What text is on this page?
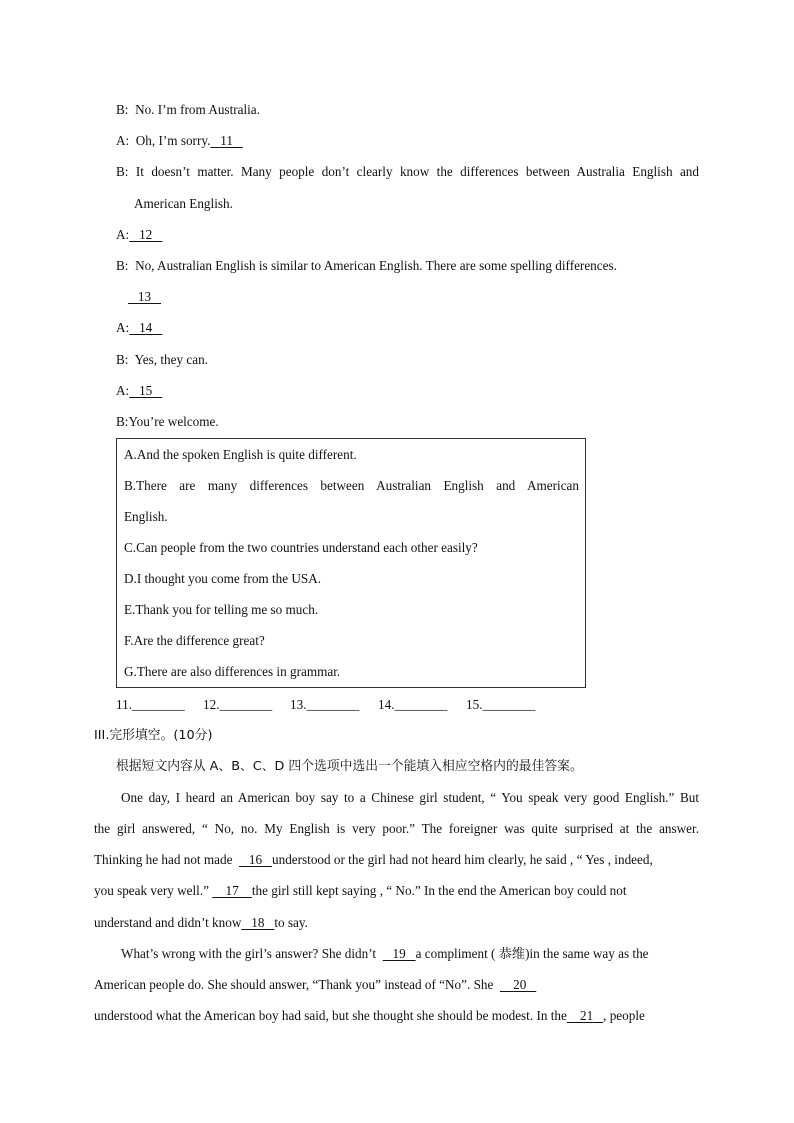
B: No. I’m from Australia.
A: Oh, I’m sorry. 11
B: It doesn’t matter. Many people don’t clearly know the differences between Australia English and
American English.
A: 12
B: No, Australian English is similar to American English. There are some spelling differences.
13
A: 14
B: Yes, they can.
A: 15
B:You’re welcome.
A.And the spoken English is quite different.
B.There are many differences between Australian English and American
English.
C.Can people from the two countries understand each other easily?
D.I thought you come from the USA.
E.Thank you for telling me so much.
F.Are the difference great?
G.There are also differences in grammar.
11.________	12.________	13.________	14.________	15.________
III.完形填空。(10分)
根据短文内容从 A、B、C、D 四个选项中选出一个能填入相应空格内的最佳答案。
One day, I heard an American boy say to a Chinese girl student, “ You speak very good English.” But
the girl answered, “ No, no. My English is very poor.” The foreigner was quite surprised at the answer.
Thinking he had not made 16 understood or the girl had not heard him clearly, he said , “ Yes , indeed,
you speak very well.” 17 the girl still kept saying , “ No.” In the end the American boy could not
understand and didn’t know 18 to say.
What’s wrong with the girl’s answer? She didn’t 19 a compliment ( 恭维)in the same way as the
American people do. She should answer, “Thank you” instead of “No”. She 20
understood what the American boy had said, but she thought she should be modest. In the 21 , people
